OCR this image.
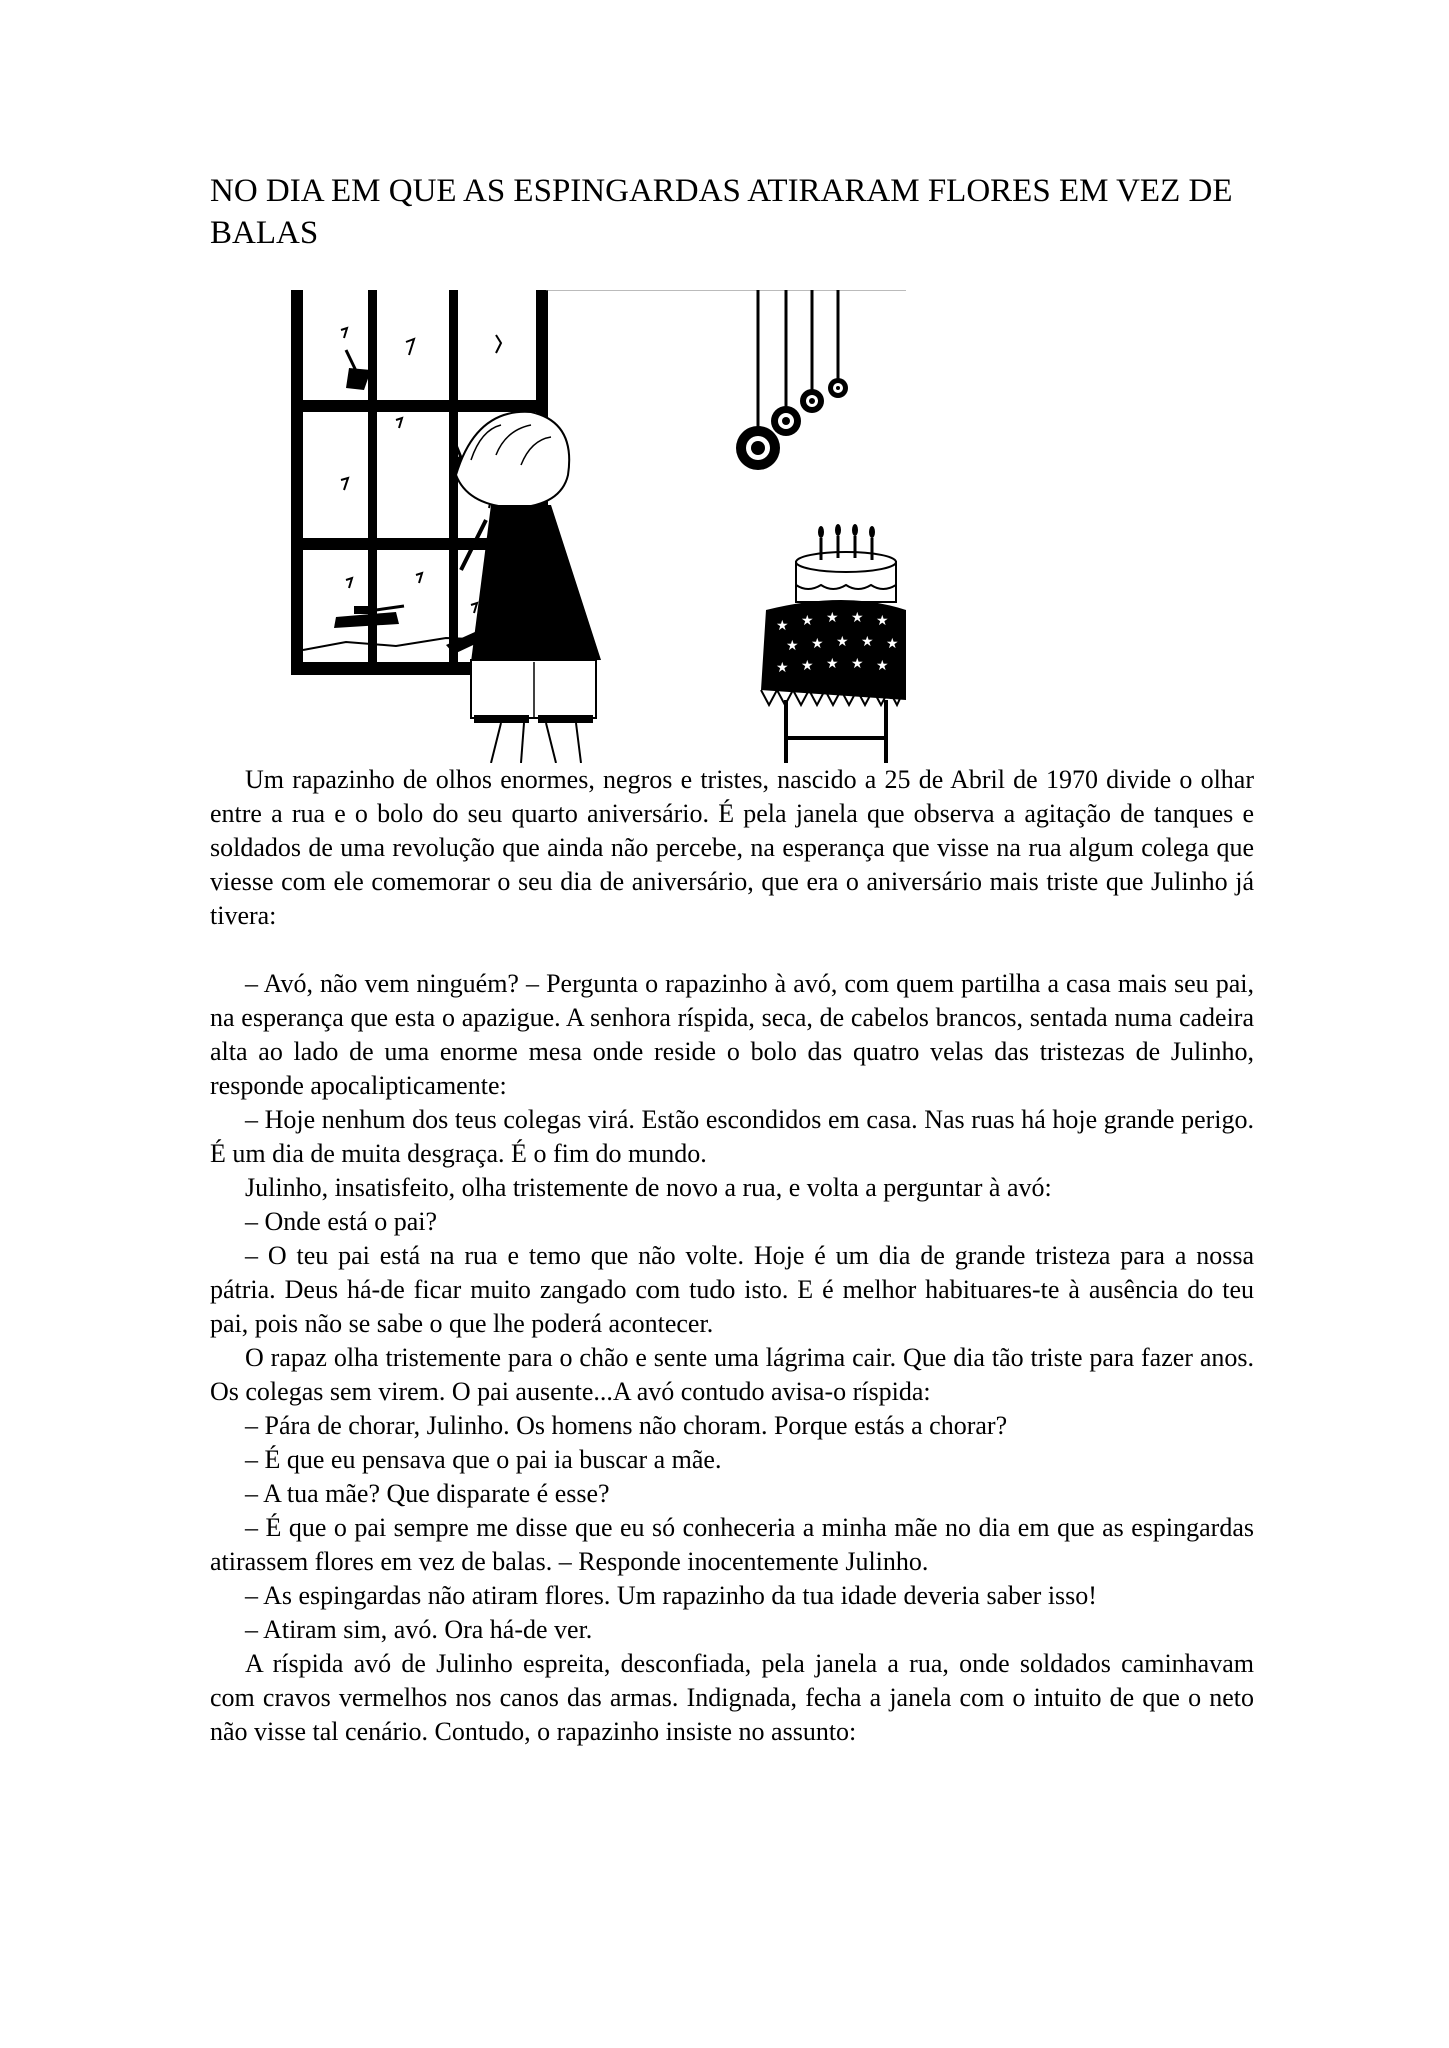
NO DIA EM QUE AS ESPINGARDAS ATIRARAM FLORES EM VEZ DE BALAS
★ ★ ★ ★ ★
★ ★ ★ ★ ★
★ ★ ★ ★ ★

Um rapazinho de olhos enormes, negros e tristes, nascido a 25 de Abril de 1970 divide o olhar entre a rua e o bolo do seu quarto aniversário. É pela janela que observa a agitação de tanques e soldados de uma revolução que ainda não percebe, na esperança que visse na rua algum colega que viesse com ele comemorar o seu dia de aniversário, que era o aniversário mais triste que Julinho já tivera:

– Avó, não vem ninguém? – Pergunta o rapazinho à avó, com quem partilha a casa mais seu pai, na esperança que esta o apazigue. A senhora ríspida, seca, de cabelos brancos, sentada numa cadeira alta ao lado de uma enorme mesa onde reside o bolo das quatro velas das tristezas de Julinho, responde apocalipticamente:

– Hoje nenhum dos teus colegas virá. Estão escondidos em casa. Nas ruas há hoje grande perigo. É um dia de muita desgraça. É o fim do mundo.

Julinho, insatisfeito, olha tristemente de novo a rua, e volta a perguntar à avó:

– Onde está o pai?

– O teu pai está na rua e temo que não volte. Hoje é um dia de grande tristeza para a nossa pátria. Deus há-de ficar muito zangado com tudo isto. E é melhor habituares-te à ausência do teu pai, pois não se sabe o que lhe poderá acontecer.

O rapaz olha tristemente para o chão e sente uma lágrima cair. Que dia tão triste para fazer anos. Os colegas sem virem. O pai ausente...A avó contudo avisa-o ríspida:

– Pára de chorar, Julinho. Os homens não choram. Porque estás a chorar?

– É que eu pensava que o pai ia buscar a mãe.

– A tua mãe? Que disparate é esse?

– É que o pai sempre me disse que eu só conheceria a minha mãe no dia em que as espingardas atirassem flores em vez de balas. – Responde inocentemente Julinho.

– As espingardas não atiram flores. Um rapazinho da tua idade deveria saber isso!

– Atiram sim, avó. Ora há-de ver.

A ríspida avó de Julinho espreita, desconfiada, pela janela a rua, onde soldados caminhavam com cravos vermelhos nos canos das armas. Indignada, fecha a janela com o intuito de que o neto não visse tal cenário. Contudo, o rapazinho insiste no assunto:
